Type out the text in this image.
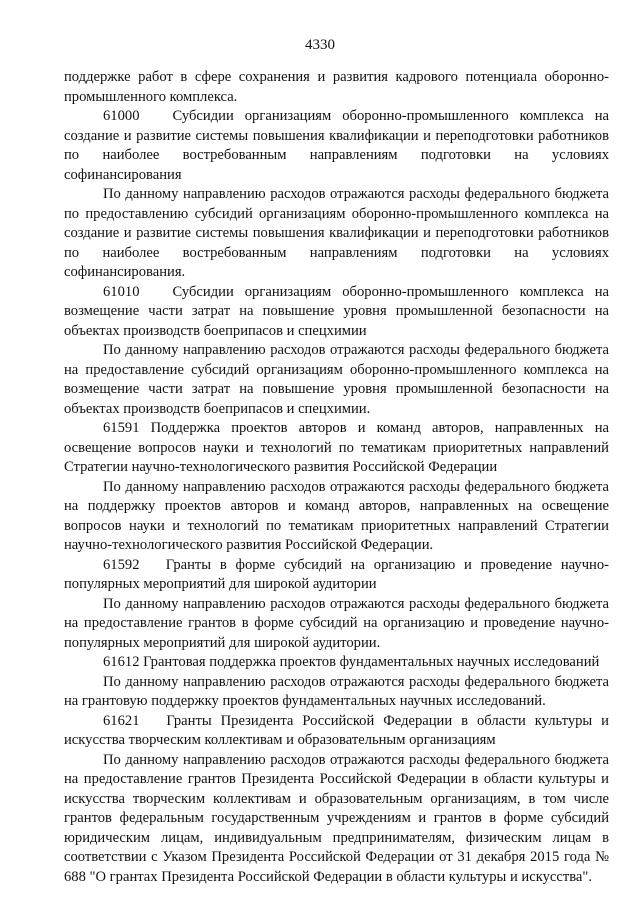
4330

поддержке работ в сфере сохранения и развития кадрового потенциала оборонно-промышленного комплекса.

61000 Субсидии организациям оборонно-промышленного комплекса на создание и развитие системы повышения квалификации и переподготовки работников по наиболее востребованным направлениям подготовки на условиях софинансирования

По данному направлению расходов отражаются расходы федерального бюджета по предоставлению субсидий организациям оборонно-промышленного комплекса на создание и развитие системы повышения квалификации и переподготовки работников по наиболее востребованным направлениям подготовки на условиях софинансирования.

61010 Субсидии организациям оборонно-промышленного комплекса на возмещение части затрат на повышение уровня промышленной безопасности на объектах производств боеприпасов и спецхимии

По данному направлению расходов отражаются расходы федерального бюджета на предоставление субсидий организациям оборонно-промышленного комплекса на возмещение части затрат на повышение уровня промышленной безопасности на объектах производств боеприпасов и спецхимии.

61591 Поддержка проектов авторов и команд авторов, направленных на освещение вопросов науки и технологий по тематикам приоритетных направлений Стратегии научно-технологического развития Российской Федерации

По данному направлению расходов отражаются расходы федерального бюджета на поддержку проектов авторов и команд авторов, направленных на освещение вопросов науки и технологий по тематикам приоритетных направлений Стратегии научно-технологического развития Российской Федерации.

61592 Гранты в форме субсидий на организацию и проведение научно-популярных мероприятий для широкой аудитории

По данному направлению расходов отражаются расходы федерального бюджета на предоставление грантов в форме субсидий на организацию и проведение научно-популярных мероприятий для широкой аудитории.

61612 Грантовая поддержка проектов фундаментальных научных исследований

По данному направлению расходов отражаются расходы федерального бюджета на грантовую поддержку проектов фундаментальных научных исследований.

61621 Гранты Президента Российской Федерации в области культуры и искусства творческим коллективам и образовательным организациям

По данному направлению расходов отражаются расходы федерального бюджета на предоставление грантов Президента Российской Федерации в области культуры и искусства творческим коллективам и образовательным организациям, в том числе грантов федеральным государственным учреждениям и грантов в форме субсидий юридическим лицам, индивидуальным предпринимателям, физическим лицам в соответствии с Указом Президента Российской Федерации от 31 декабря 2015 года № 688 "О грантах Президента Российской Федерации в области культуры и искусства".
